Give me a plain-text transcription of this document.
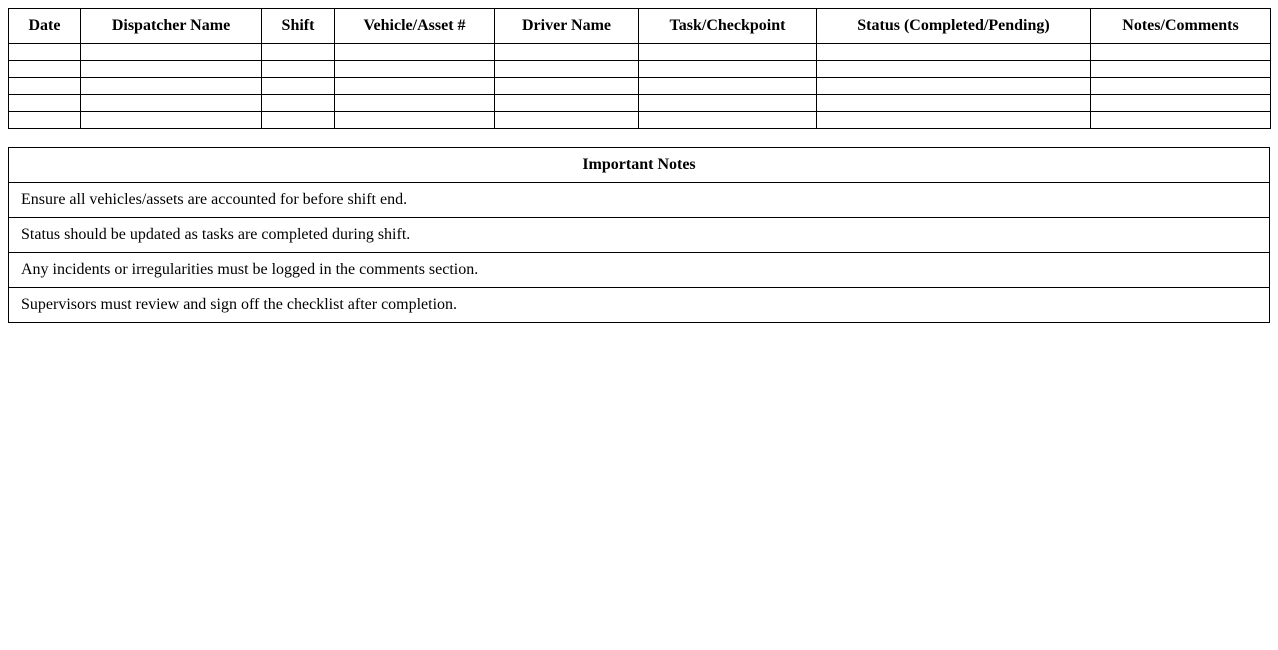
Date	Dispatcher Name	Shift	Vehicle/Asset #	Driver Name	Task/Checkpoint	Status (Completed/Pending)	Notes/Comments

Important Notes
Ensure all vehicles/assets are accounted for before shift end.
Status should be updated as tasks are completed during shift.
Any incidents or irregularities must be logged in the comments section.
Supervisors must review and sign off the checklist after completion.
